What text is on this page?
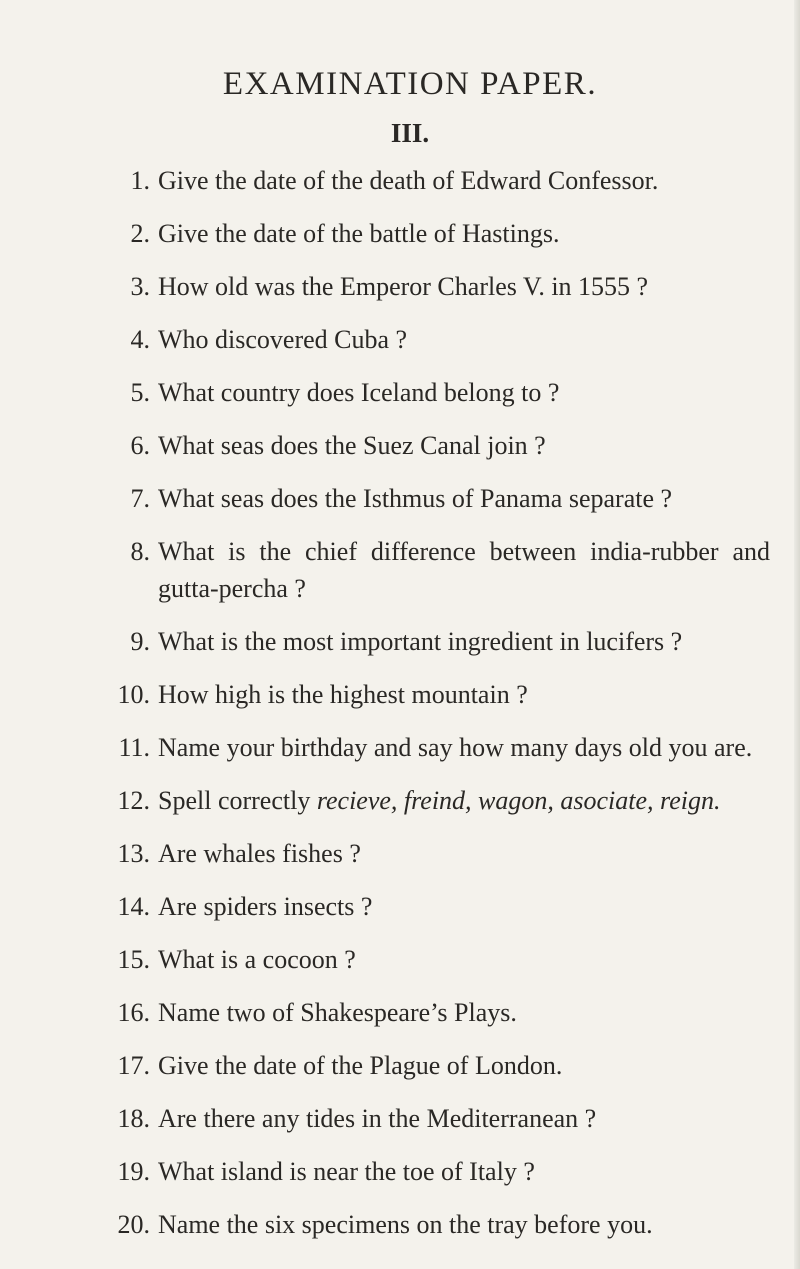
EXAMINATION PAPER.
III.
1. Give the date of the death of Edward Confessor.
2. Give the date of the battle of Hastings.
3. How old was the Emperor Charles V. in 1555 ?
4. Who discovered Cuba ?
5. What country does Iceland belong to ?
6. What seas does the Suez Canal join ?
7. What seas does the Isthmus of Panama separate ?
8. What is the chief difference between india-rubber and gutta-percha ?
9. What is the most important ingredient in lucifers ?
10. How high is the highest mountain ?
11. Name your birthday and say how many days old you are.
12. Spell correctly recieve, freind, wagon, asociate, reign.
13. Are whales fishes ?
14. Are spiders insects ?
15. What is a cocoon ?
16. Name two of Shakespeare’s Plays.
17. Give the date of the Plague of London.
18. Are there any tides in the Mediterranean ?
19. What island is near the toe of Italy ?
20. Name the six specimens on the tray before you.
